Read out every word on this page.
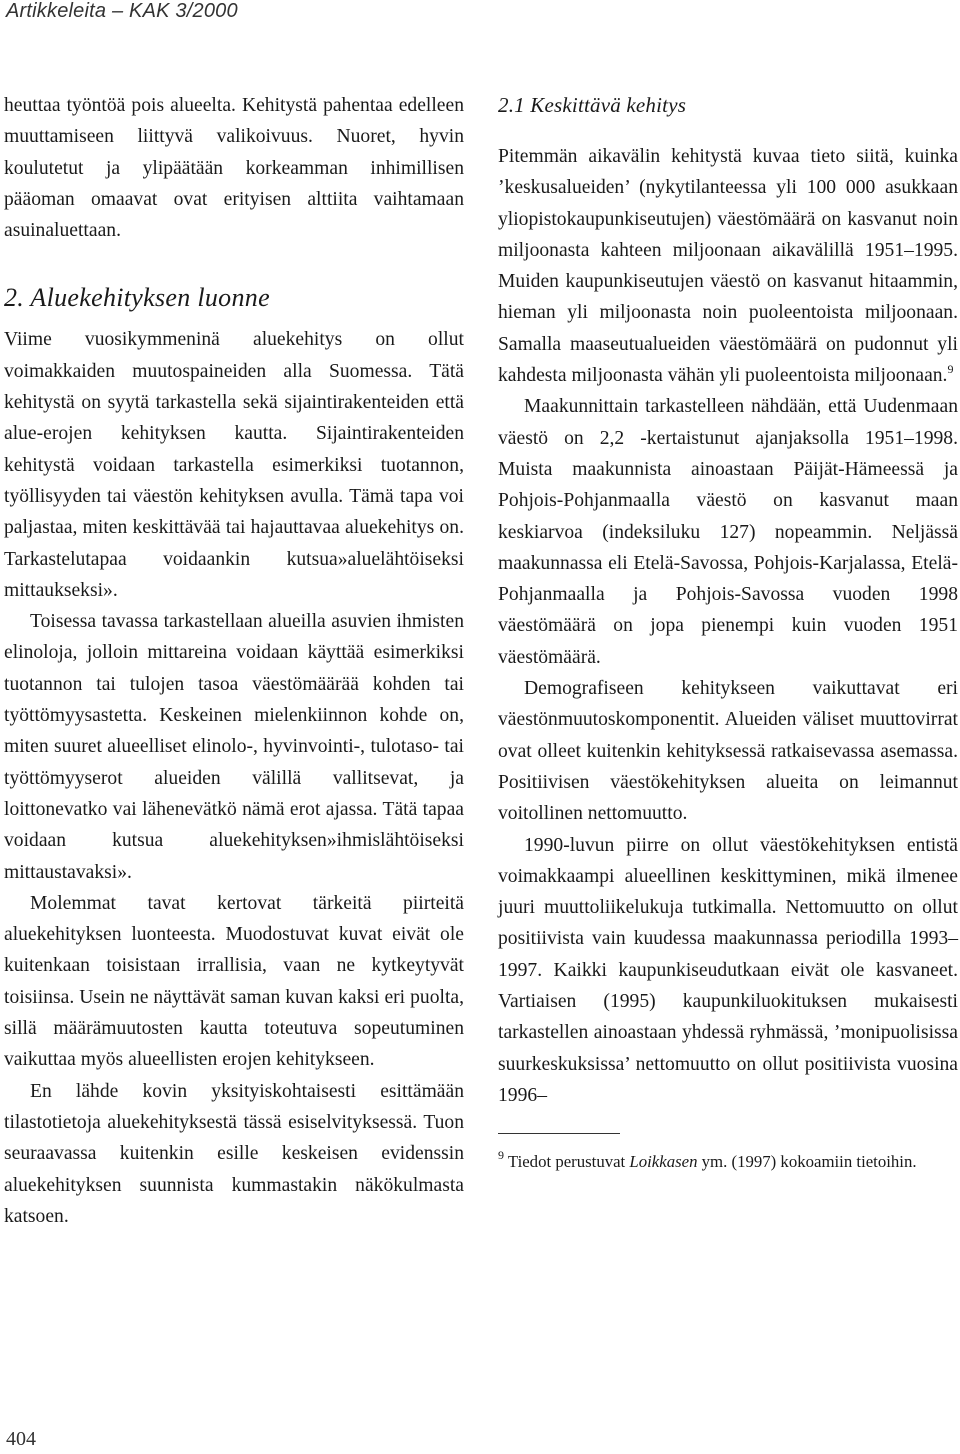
Artikkeleita – KAK 3/2000

heuttaa työntöä pois alueelta. Kehitystä pahentaa edelleen muuttamiseen liittyvä valikoivuus. Nuoret, hyvin koulutetut ja ylipäätään korkeamman inhimillisen pääoman omaavat ovat erityisen alttiita vaihtamaan asuinaluettaan.

2. Aluekehityksen luonne

Viime vuosikymmeninä aluekehitys on ollut voimakkaiden muutospaineiden alla Suomessa. Tätä kehitystä on syytä tarkastella sekä sijaintirakenteiden että alue-erojen kehityksen kautta. Sijaintirakenteiden kehitystä voidaan tarkastella esimerkiksi tuotannon, työllisyyden tai väestön kehityksen avulla. Tämä tapa voi paljastaa, miten keskittävää tai hajauttavaa aluekehitys on. Tarkastelutapaa voidaankin kutsua»aluelähtöiseksi mittaukseksi».

Toisessa tavassa tarkastellaan alueilla asuvien ihmisten elinoloja, jolloin mittareina voidaan käyttää esimerkiksi tuotannon tai tulojen tasoa väestömäärää kohden tai työttömyysastetta. Keskeinen mielenkiinnon kohde on, miten suuret alueelliset elinolo-, hyvinvointi-, tulotaso- tai työttömyyserot alueiden välillä vallitsevat, ja loittonevatko vai lähenevätkö nämä erot ajassa. Tätä tapaa voidaan kutsua aluekehityksen»ihmislähtöiseksi mittaustavaksi».

Molemmat tavat kertovat tärkeitä piirteitä aluekehityksen luonteesta. Muodostuvat kuvat eivät ole kuitenkaan toisistaan irrallisia, vaan ne kytkeytyvät toisiinsa. Usein ne näyttävät saman kuvan kaksi eri puolta, sillä määrämuutosten kautta toteutuva sopeutuminen vaikuttaa myös alueellisten erojen kehitykseen.

En lähde kovin yksityiskohtaisesti esittämään tilastotietoja aluekehityksestä tässä esiselvityksessä. Tuon seuraavassa kuitenkin esille keskeisen evidenssin aluekehityksen suunnista kummastakin näkökulmasta katsoen.

2.1 Keskittävä kehitys

Pitemmän aikavälin kehitystä kuvaa tieto siitä, kuinka ’keskusalueiden’ (nykytilanteessa yli 100 000 asukkaan yliopistokaupunkiseutujen) väestömäärä on kasvanut noin miljoonasta kahteen miljoonaan aikavälillä 1951–1995. Muiden kaupunkiseutujen väestö on kasvanut hitaammin, hieman yli miljoonasta noin puoleentoista miljoonaan. Samalla maaseutualueiden väestömäärä on pudonnut yli kahdesta miljoonasta vähän yli puoleentoista miljoonaan.$^9$

Maakunnittain tarkastelleen nähdään, että Uudenmaan väestö on 2,2 -kertaistunut ajanjaksolla 1951–1998. Muista maakunnista ainoastaan Päijät-Hämeessä ja Pohjois-Pohjanmaalla väestö on kasvanut maan keskiarvoa (indeksiluku 127) nopeammin. Neljässä maakunnassa eli Etelä-Savossa, Pohjois-Karjalassa, Etelä-Pohjanmaalla ja Pohjois-Savossa vuoden 1998 väestömäärä on jopa pienempi kuin vuoden 1951 väestömäärä.

Demografiseen kehitykseen vaikuttavat eri väestönmuutoskomponentit. Alueiden väliset muuttovirrat ovat olleet kuitenkin kehityksessä ratkaisevassa asemassa. Positiivisen väestökehityksen alueita on leimannut voitollinen nettomuutto.

1990-luvun piirre on ollut väestökehityksen entistä voimakkaampi alueellinen keskittyminen, mikä ilmenee juuri muuttoliikelukuja tutkimalla. Nettomuutto on ollut positiivista vain kuudessa maakunnassa periodilla 1993–1997. Kaikki kaupunkiseudutkaan eivät ole kasvaneet. Vartiaisen (1995) kaupunkiluokituksen mukaisesti tarkastellen ainoastaan yhdessä ryhmässä, ’monipuolisissa suurkeskuksissa’ nettomuutto on ollut positiivista vuosina 1996–

$^9$ Tiedot perustuvat Loikkasen ym. (1997) kokoamiin tietoihin.
404
